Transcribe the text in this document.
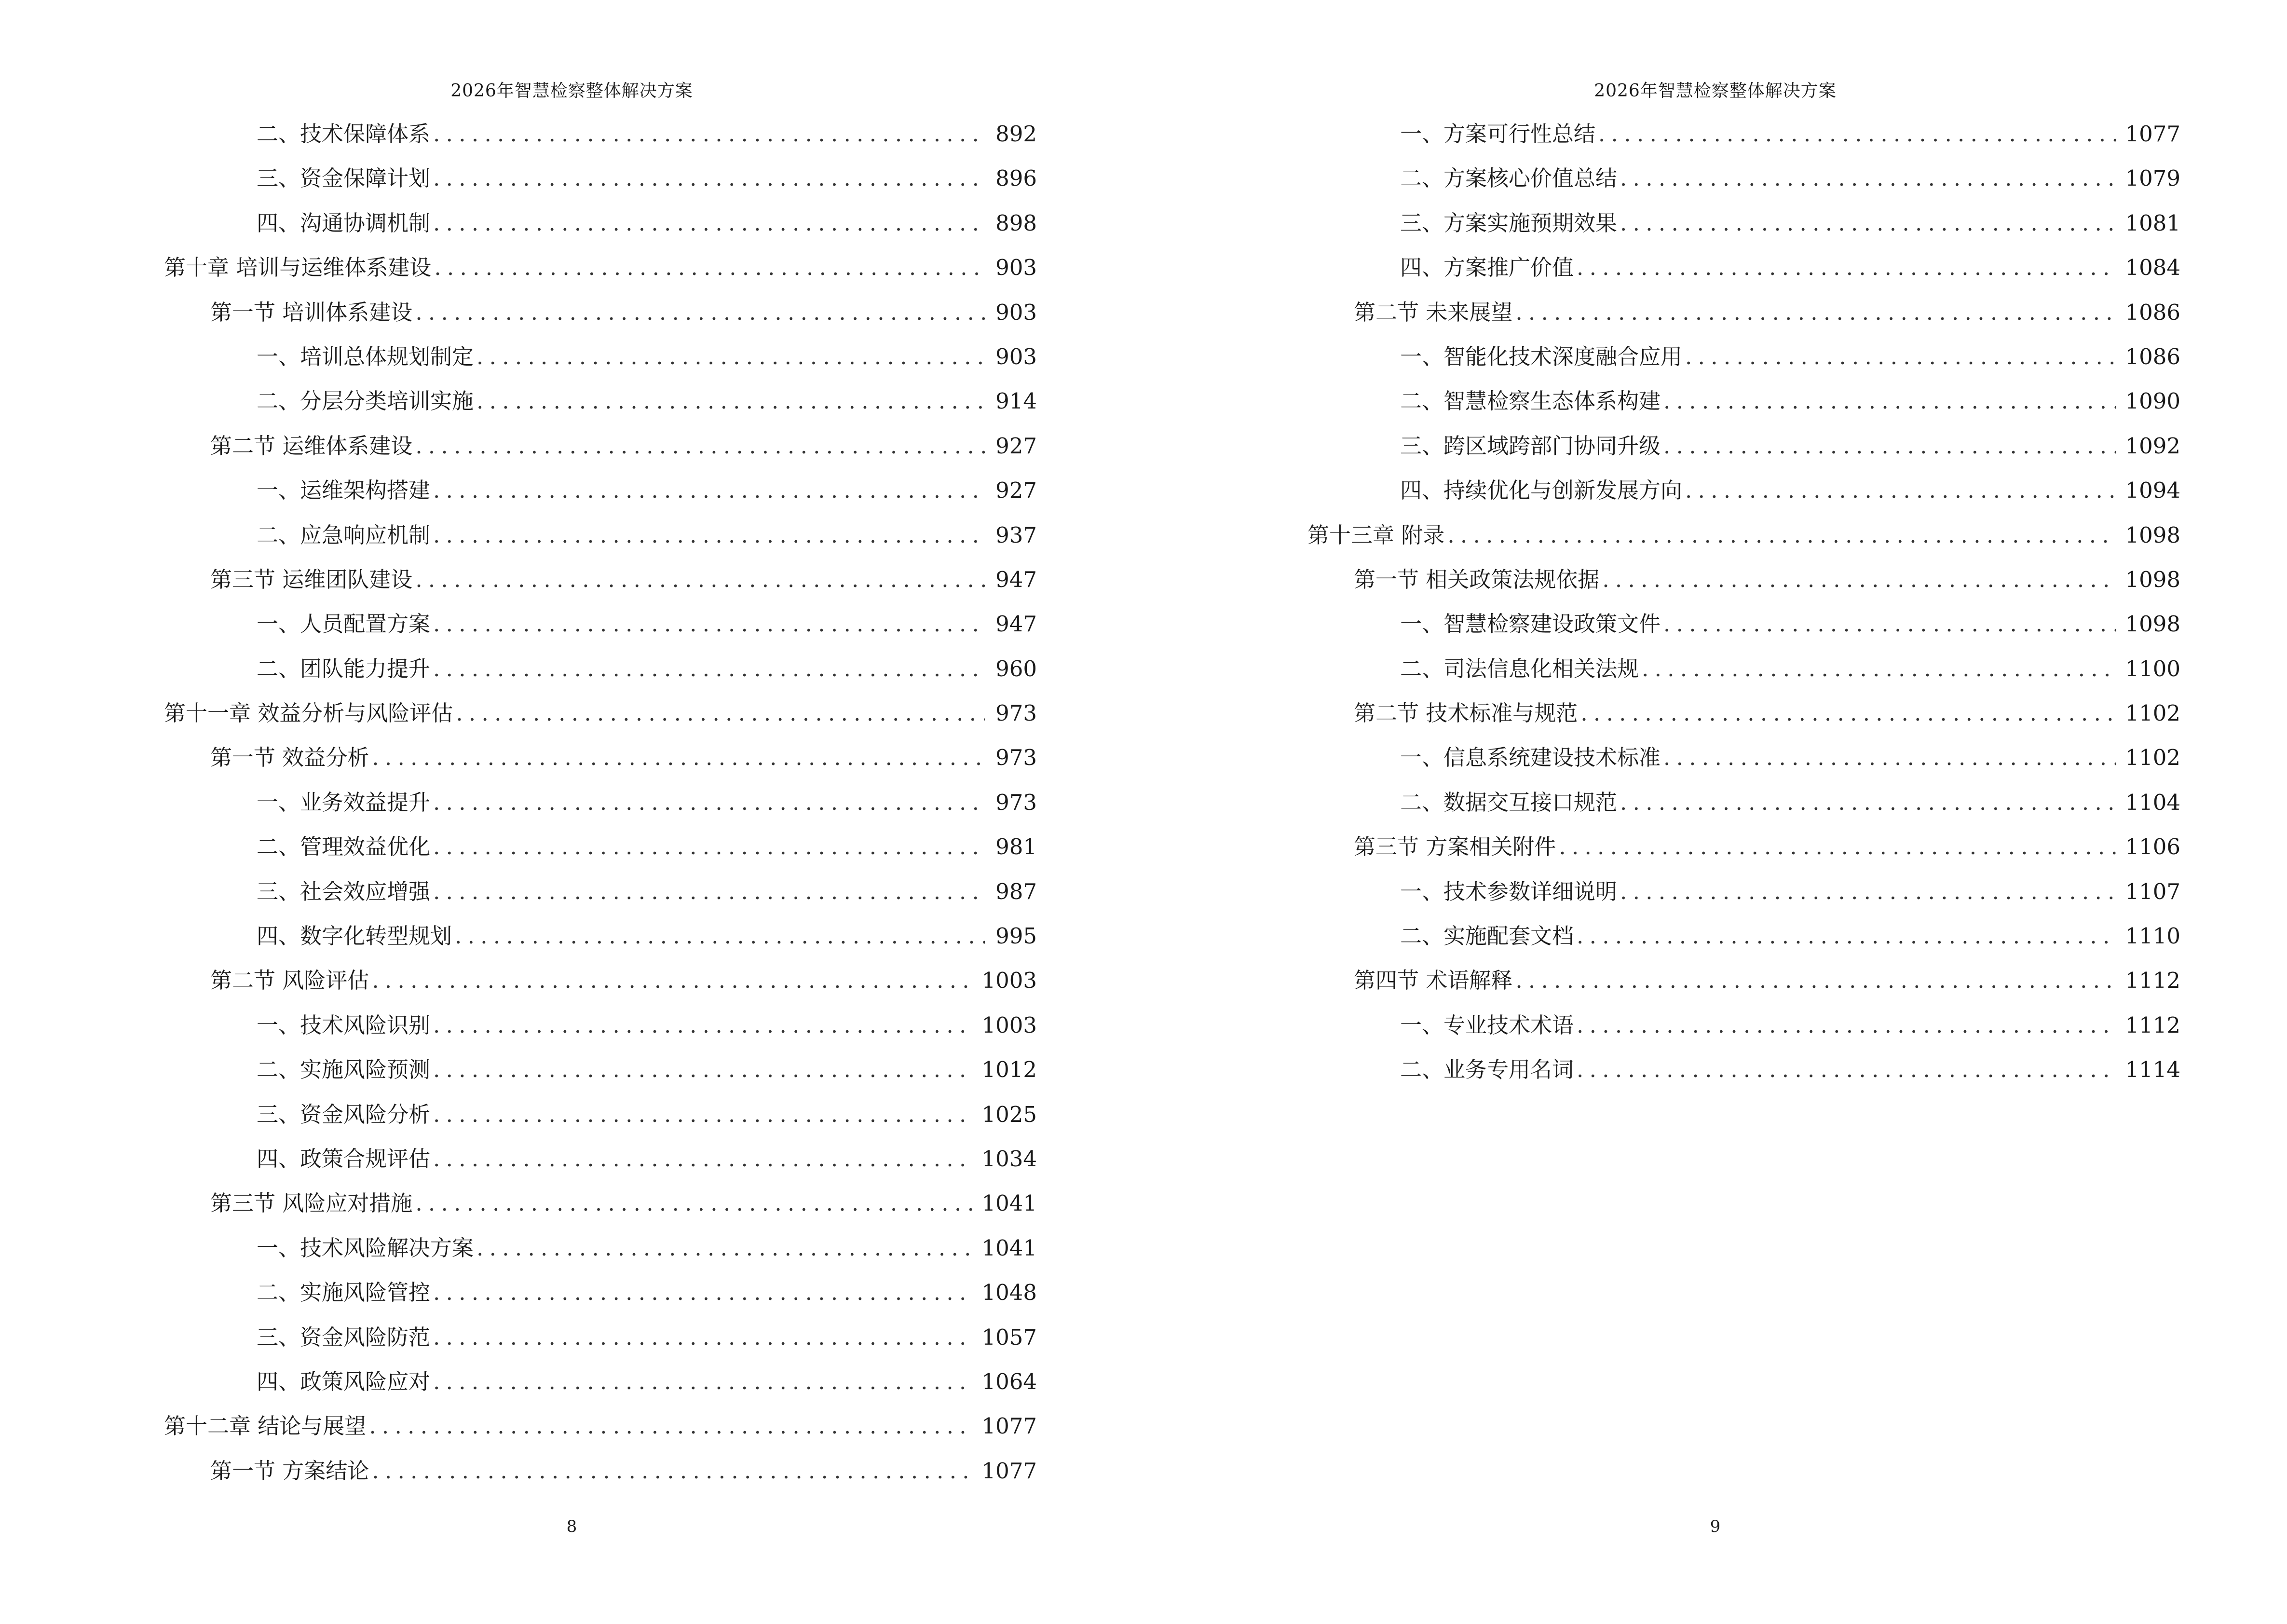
2026年智慧检察整体解决方案
二、技术保障体系 . . .	892
三、资金保障计划 . . .	896
四、沟通协调机制 . . .	898
第十章 培训与运维体系建设 . . .	903
第一节 培训体系建设 . . .	903
一、培训总体规划制定 . . .	903
二、分层分类培训实施 . . .	914
第二节 运维体系建设 . . .	927
一、运维架构搭建 . . .	927
二、应急响应机制 . . .	937
第三节 运维团队建设 . . .	947
一、人员配置方案 . . .	947
二、团队能力提升 . . .	960
第十一章 效益分析与风险评估 . . .	973
第一节 效益分析 . . .	973
一、业务效益提升 . . .	973
二、管理效益优化 . . .	981
三、社会效应增强 . . .	987
四、数字化转型规划 . . .	995
第二节 风险评估 . . .	1003
一、技术风险识别 . . .	1003
二、实施风险预测 . . .	1012
三、资金风险分析 . . .	1025
四、政策合规评估 . . .	1034
第三节 风险应对措施 . . .	1041
一、技术风险解决方案 . . .	1041
二、实施风险管控 . . .	1048
三、资金风险防范 . . .	1057
四、政策风险应对 . . .	1064
第十二章 结论与展望 . . .	1077
第一节 方案结论 . . .	1077
8
2026年智慧检察整体解决方案
一、方案可行性总结 . . .	1077
二、方案核心价值总结 . . .	1079
三、方案实施预期效果 . . .	1081
四、方案推广价值 . . .	1084
第二节 未来展望 . . .	1086
一、智能化技术深度融合应用 . . .	1086
二、智慧检察生态体系构建 . . .	1090
三、跨区域跨部门协同升级 . . .	1092
四、持续优化与创新发展方向 . . .	1094
第十三章 附录 . . .	1098
第一节 相关政策法规依据 . . .	1098
一、智慧检察建设政策文件 . . .	1098
二、司法信息化相关法规 . . .	1100
第二节 技术标准与规范 . . .	1102
一、信息系统建设技术标准 . . .	1102
二、数据交互接口规范 . . .	1104
第三节 方案相关附件 . . .	1106
一、技术参数详细说明 . . .	1107
二、实施配套文档 . . .	1110
第四节 术语解释 . . .	1112
一、专业技术术语 . . .	1112
二、业务专用名词 . . .	1114
9
